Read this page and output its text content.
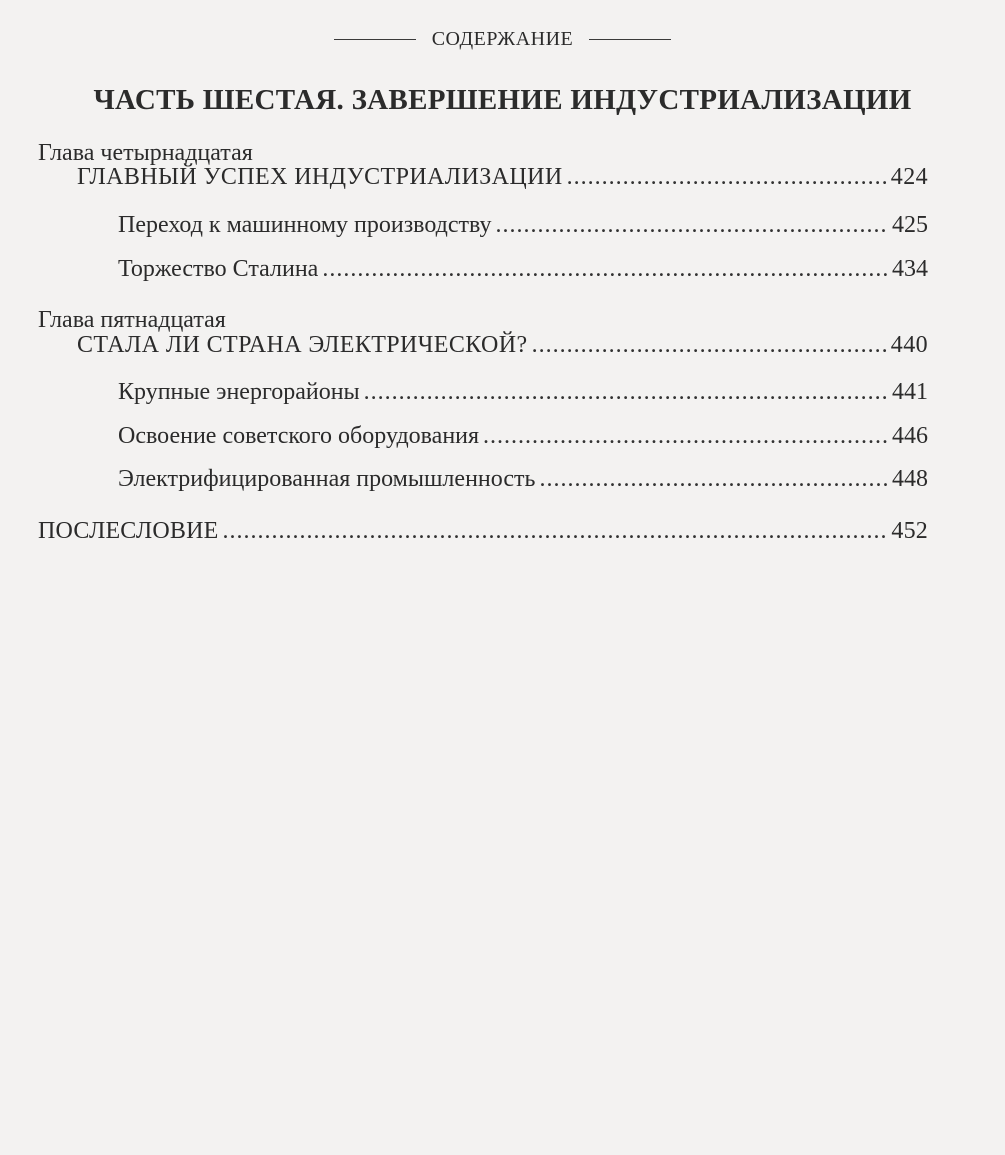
СОДЕРЖАНИЕ
ЧАСТЬ ШЕСТАЯ. ЗАВЕРШЕНИЕ ИНДУСТРИАЛИЗАЦИИ
Глава четырнадцатая
ГЛАВНЫЙ УСПЕХ ИНДУСТРИАЛИЗАЦИИ .....	424
Переход к машинному производству .....	425
Торжество Сталина .....	434
Глава пятнадцатая
СТАЛА ЛИ СТРАНА ЭЛЕКТРИЧЕСКОЙ? .....	440
Крупные энергорайоны .....	441
Освоение советского оборудования .....	446
Электрифицированная промышленность .....	448
ПОСЛЕСЛОВИЕ .....	452
